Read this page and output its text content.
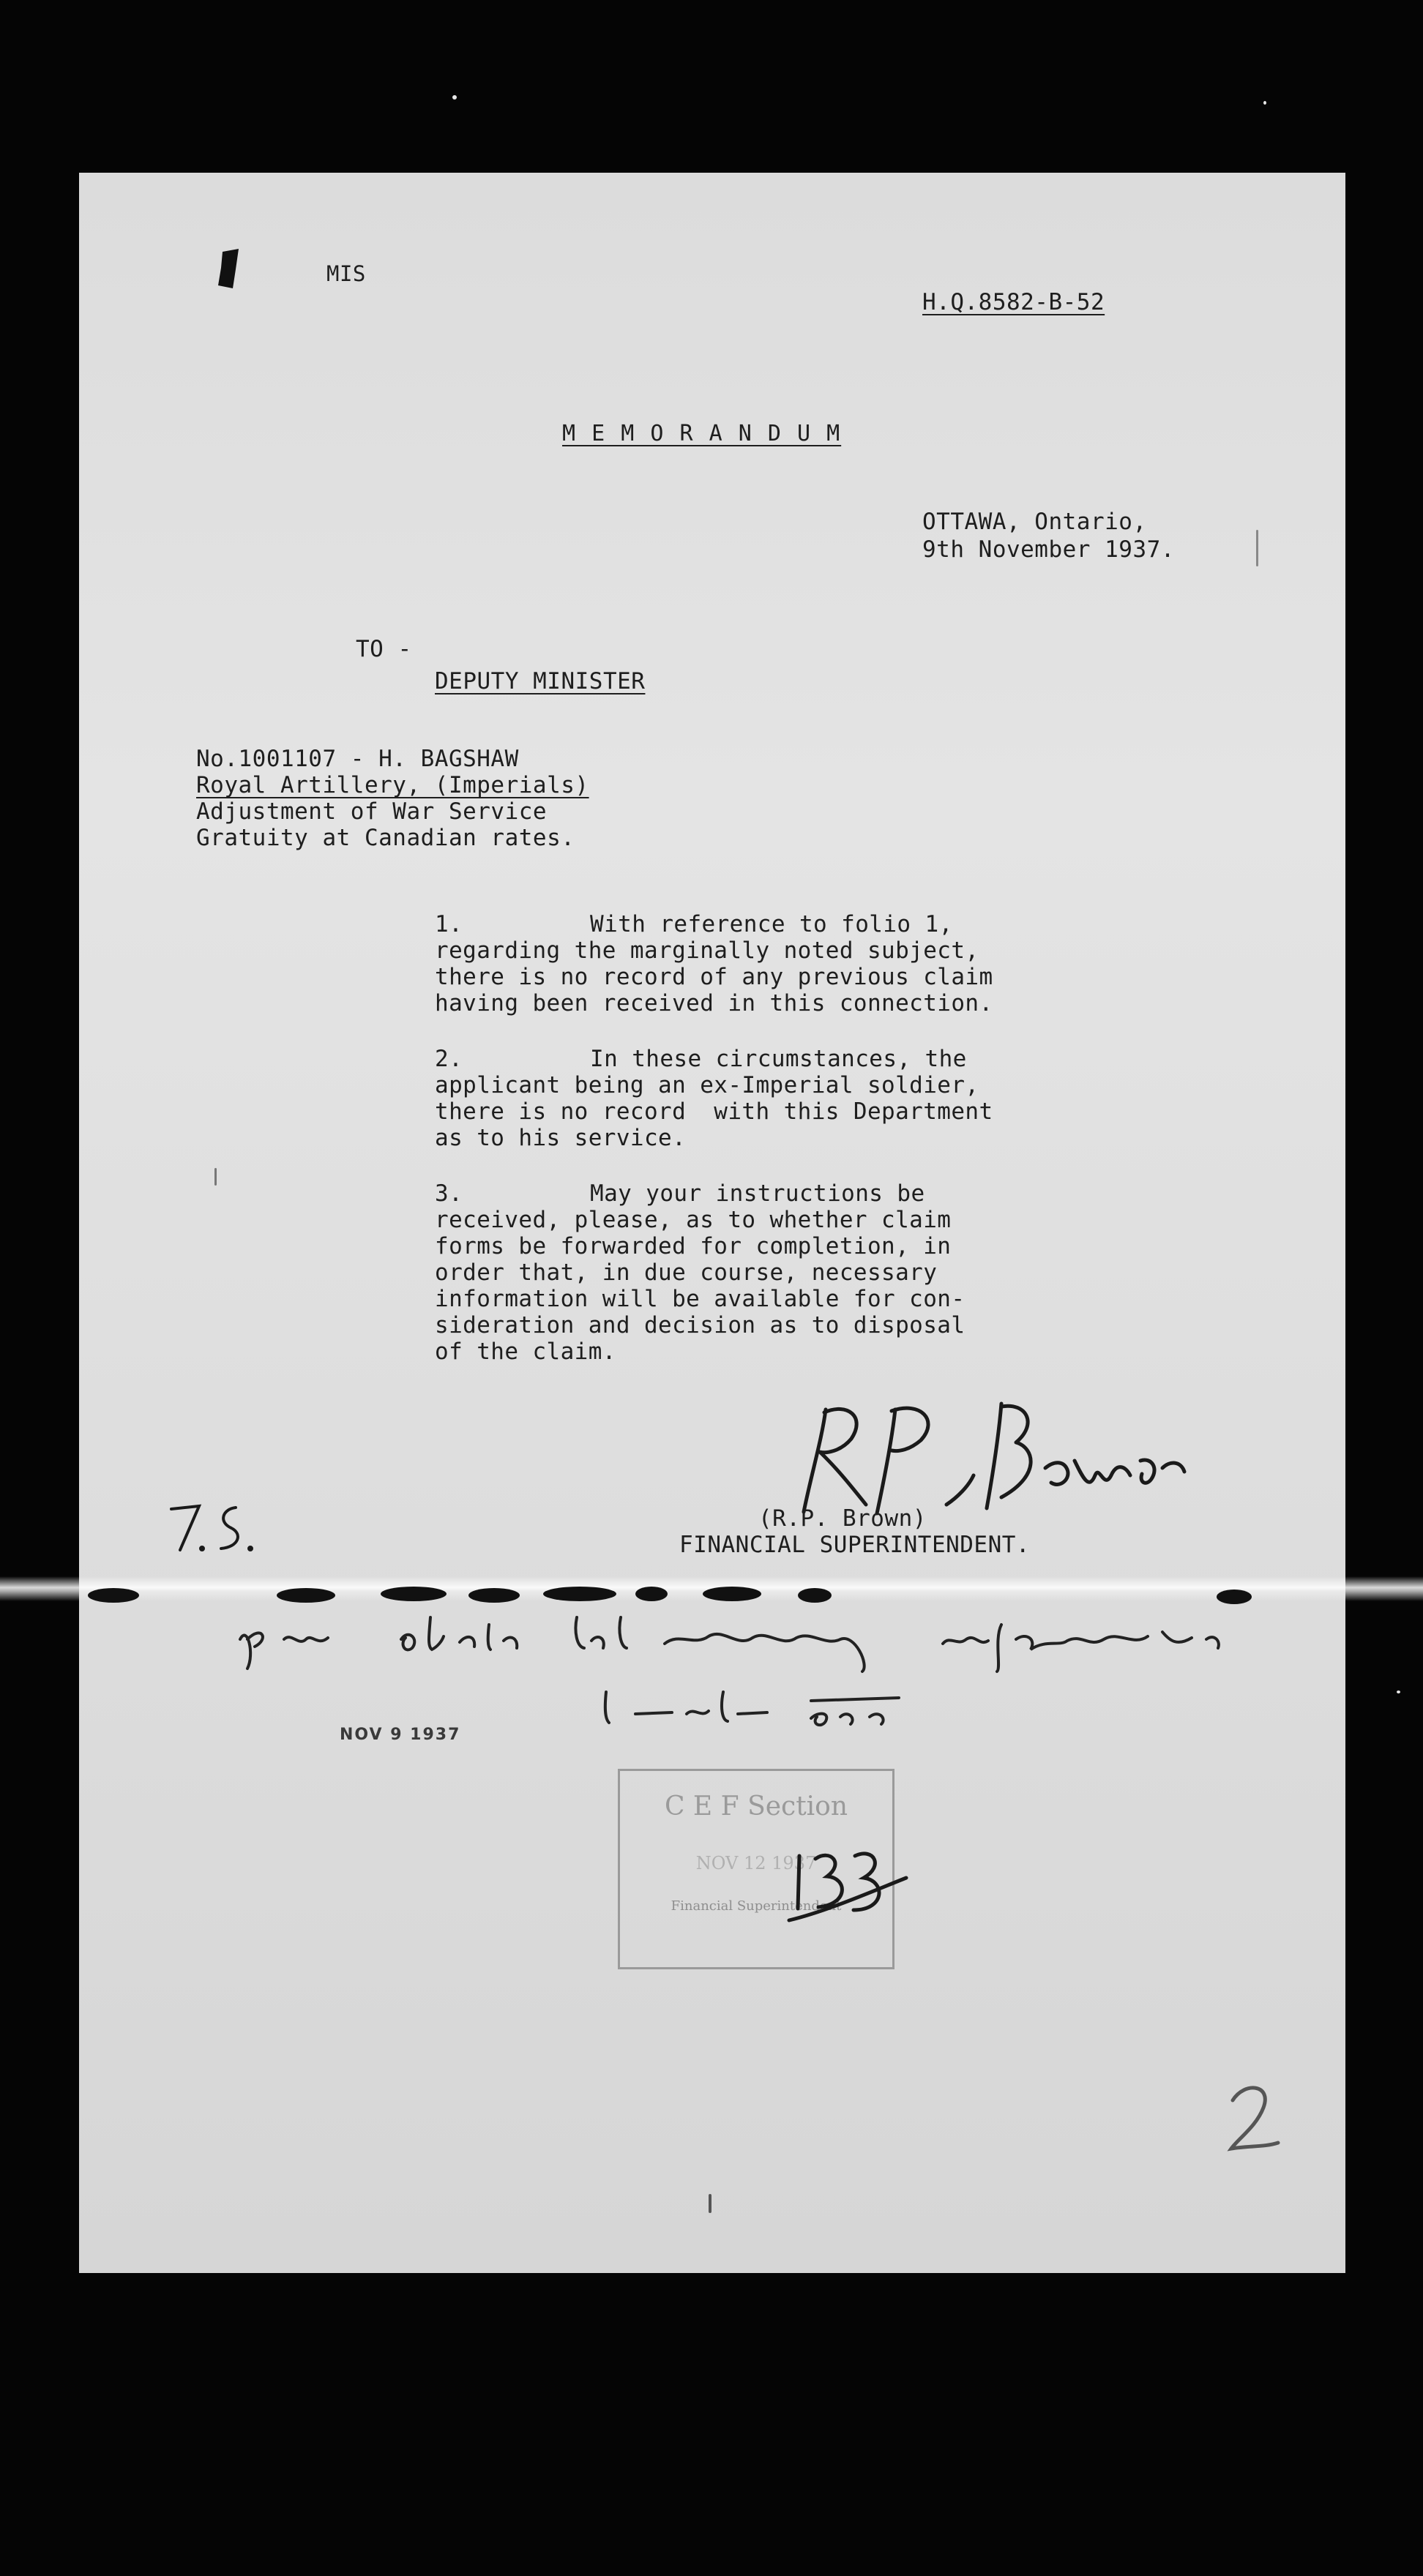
MIS
H.Q.8582-B-52
M E M O R A N D U M
OTTAWA, Ontario,
9th November 1937.
TO -
DEPUTY MINISTER
No.1001107 - H. BAGSHAW
Royal Artillery, (Imperials)
Adjustment of War Service
Gratuity at Canadian rates.
1.	With reference to folio 1,
regarding the marginally noted subject,
there is no record of any previous claim
having been received in this connection.
2.	In these circumstances, the
applicant being an ex-Imperial soldier,
there is no record  with this Department
as to his service.
3.	May your instructions be
received, please, as to whether claim
forms be forwarded for completion, in
order that, in due course, necessary
information will be available for con-
sideration and decision as to disposal
of the claim.
(R.P. Brown)
FINANCIAL SUPERINTENDENT.
NOV 9 1937
C E F Section
NOV 12 1937
Financial Superintendent
